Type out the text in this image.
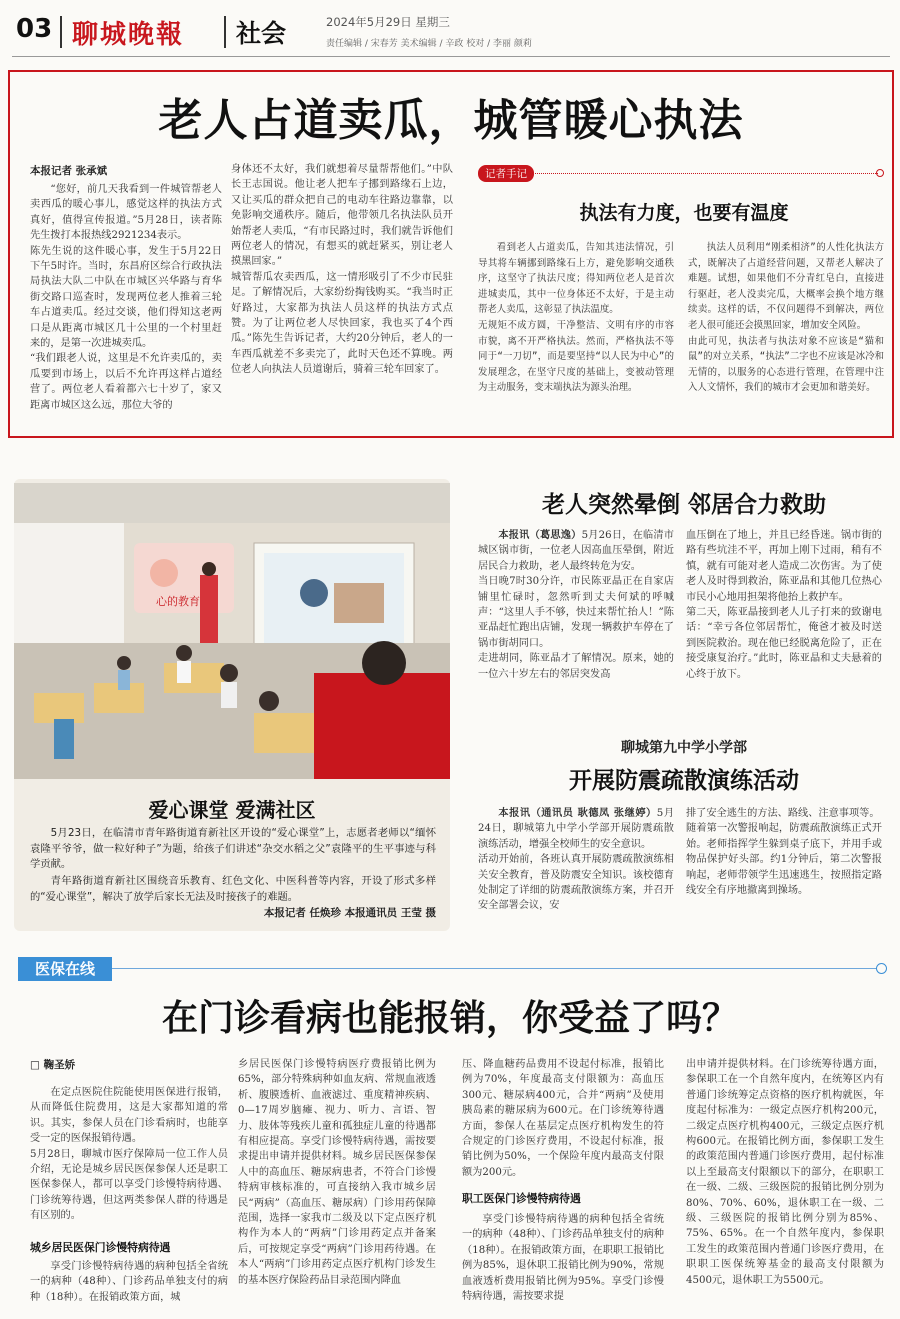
03 聊城晚報 社会	2024年5月29日 星期三
责任编辑 / 宋春芳 美术编辑 / 辛政 校对 / 李丽 颜莉
老人占道卖瓜，城管暖心执法
本报记者 张承斌
“您好，前几天我看到一件城管帮老人卖西瓜的暖心事儿，感觉这样的执法方式真好，值得宣传报道。”5月28日，读者陈先生拨打本报热线2921234表示。
陈先生说的这件暖心事，发生于5月22日下午5时许。当时，东昌府区综合行政执法局执法大队二中队在市城区兴华路与育华街交路口巡查时，发现两位老人推着三轮车占道卖瓜。经过交谈，他们得知这老两口是从距离市城区几十公里的一个村里赶来的，是第一次进城卖瓜。
“我们跟老人说，这里是不允许卖瓜的，卖瓜要到市场上，以后不允许再这样占道经营了。两位老人看着都六七十岁了，家又距离市城区这么远，那位大爷的
身体还不太好，我们就想着尽量帮帮他们。”中队长王志国说。他让老人把车子挪到路缘石上边，又让买瓜的群众把自己的电动车往路边靠靠，以免影响交通秩序。随后，他带领几名执法队员开始帮老人卖瓜，“有市民路过时，我们就告诉他们两位老人的情况，有想买的就赶紧买，别让老人摸黑回家。”
城管帮瓜农卖西瓜，这一情形吸引了不少市民驻足。了解情况后，大家纷纷掏钱购买。“我当时正好路过，大家都为执法人员这样的执法方式点赞。为了让两位老人尽快回家，我也买了4个西瓜。”陈先生告诉记者，大约20分钟后，老人的一车西瓜就差不多卖完了，此时天色还不算晚。两位老人向执法人员道谢后，骑着三轮车回家了。
记者手记
执法有力度，也要有温度
看到老人占道卖瓜，告知其违法情况，引导其将车辆挪到路缘石上方，避免影响交通秩序，这坚守了执法尺度；得知两位老人是首次进城卖瓜，其中一位身体还不太好，于是主动帮老人卖瓜，这彰显了执法温度。
无规矩不成方圆，干净整洁、文明有序的市容市貌，离不开严格执法。然而，严格执法不等同于“一刀切”，而是要坚持“以人民为中心”的发展理念，在坚守尺度的基础上，变被动管理为主动服务，变末端执法为源头治理。
执法人员利用“刚柔相济”的人性化执法方式，既解决了占道经营问题，又帮老人解决了难题。试想，如果他们不分青红皂白，直接进行驱赶，老人没卖完瓜，大概率会换个地方继续卖。这样的话，不仅问题得不到解决，两位老人很可能还会摸黑回家，增加安全风险。
由此可见，执法者与执法对象不应该是“猫和鼠”的对立关系，“执法”二字也不应该是冰冷和无情的，以服务的心态进行管理，在管理中注入人文情怀，我们的城市才会更加和谐美好。
心的教育
爱心课堂 爱满社区
5月23日，在临清市青年路街道育新社区开设的“爱心课堂”上，志愿者老师以“缅怀袁隆平爷爷，做一粒好种子”为题，给孩子们讲述“杂交水稻之父”袁隆平的生平事迹与科学贡献。
青年路街道育新社区围绕音乐教育、红色文化、中医科普等内容，开设了形式多样的“爱心课堂”，解决了放学后家长无法及时接孩子的难题。
本报记者 任焕珍 本报通讯员 王莹 摄
老人突然晕倒 邻居合力救助
本报讯（葛思逸）5月26日，在临清市城区锅市街，一位老人因高血压晕倒，附近居民合力救助，老人最终转危为安。
当日晚7时30分许，市民陈亚晶正在自家店铺里忙碌时，忽然听到丈夫何斌的呼喊声：“这里人手不够，快过来帮忙抬人！”陈亚晶赶忙跑出店铺，发现一辆救护车停在了锅市街胡同口。
走进胡同，陈亚晶才了解情况。原来，她的一位六十岁左右的邻居突发高
血压倒在了地上，并且已经昏迷。锅市街的路有些坑洼不平，再加上刚下过雨，稍有不慎，就有可能对老人造成二次伤害。为了使老人及时得到救治，陈亚晶和其他几位热心市民小心地用担架将他抬上救护车。
第二天，陈亚晶接到老人儿子打来的致谢电话：“幸亏各位邻居帮忙，俺爸才被及时送到医院救治。现在他已经脱离危险了，正在接受康复治疗。”此时，陈亚晶和丈夫悬着的心终于放下。
聊城第九中学小学部
开展防震疏散演练活动
本报讯（通讯员 耿德凤 张继婷）5月24日，聊城第九中学小学部开展防震疏散演练活动，增强全校师生的安全意识。
活动开始前，各班认真开展防震疏散演练相关安全教育，普及防震安全知识。该校德育处制定了详细的防震疏散演练方案，并召开安全部署会议，安
排了安全逃生的方法、路线、注意事项等。
随着第一次警报响起，防震疏散演练正式开始。老师指挥学生躲到桌子底下，并用手或物品保护好头部。约1分钟后，第二次警报响起，老师带领学生迅速逃生，按照指定路线安全有序地撤离到操场。
医保在线
在门诊看病也能报销，你受益了吗？
□ 鞠圣娇
在定点医院住院能使用医保进行报销，从而降低住院费用，这是大家都知道的常识。其实，参保人员在门诊看病时，也能享受一定的医保报销待遇。
5月28日，聊城市医疗保障局一位工作人员介绍，无论是城乡居民医保参保人还是职工医保参保人，都可以享受门诊慢特病待遇、门诊统筹待遇，但这两类参保人群的待遇是有区别的。
城乡居民医保门诊慢特病待遇
享受门诊慢特病待遇的病种包括全省统一的病种（48种）、门诊药品单独支付的病种（18种）。在报销政策方面，城
乡居民医保门诊慢特病医疗费报销比例为65%，部分特殊病种如血友病、常规血液透析、腹膜透析、血液滤过、重度精神疾病、0—17周岁脑瘫、视力、听力、言语、智力、肢体等残疾儿童和孤独症儿童的待遇都有相应提高。享受门诊慢特病待遇，需按要求提出申请并提供材料。城乡居民医保参保人中的高血压、糖尿病患者，不符合门诊慢特病审核标准的，可直接纳入我市城乡居民“两病”（高血压、糖尿病）门诊用药保障范围，选择一家我市二级及以下定点医疗机构作为本人的“两病”门诊用药定点并备案后，可按规定享受“两病”门诊用药待遇。在本人“两病”门诊用药定点医疗机构门诊发生的基本医疗保险药品目录范围内降血
压、降血糖药品费用不设起付标准，报销比例为70%，年度最高支付限额为：高血压300元、糖尿病400元，合并“两病”及使用胰岛素的糖尿病为600元。在门诊统筹待遇方面，参保人在基层定点医疗机构发生的符合规定的门诊医疗费用，不设起付标准，报销比例为50%，一个保险年度内最高支付限额为200元。
职工医保门诊慢特病待遇
享受门诊慢特病待遇的病种包括全省统一的病种（48种）、门诊药品单独支付的病种（18种）。在报销政策方面，在职职工报销比例为85%，退休职工报销比例为90%，常规血液透析费用报销比例为95%。享受门诊慢特病待遇，需按要求提
出申请并提供材料。在门诊统筹待遇方面，参保职工在一个自然年度内，在统筹区内有普通门诊统筹定点资格的医疗机构就医，年度起付标准为：一级定点医疗机构200元，二级定点医疗机构400元，三级定点医疗机构600元。在报销比例方面，参保职工发生的政策范围内普通门诊医疗费用，起付标准以上至最高支付限额以下的部分，在职职工在一级、二级、三级医院的报销比例分别为80%、70%、60%，退休职工在一级、二级、三级医院的报销比例分别为85%、75%、65%。在一个自然年度内，参保职工发生的政策范围内普通门诊医疗费用，在职职工医保统筹基金的最高支付限额为4500元，退休职工为5500元。
